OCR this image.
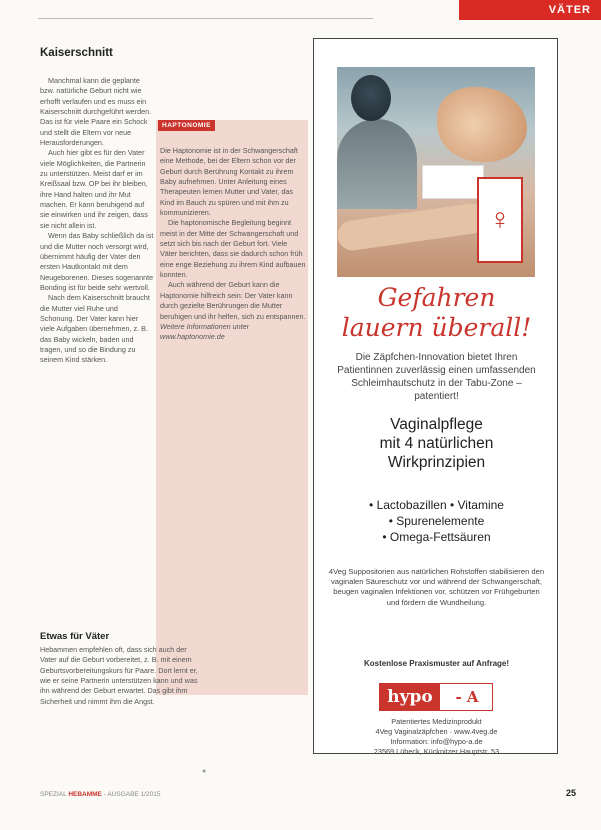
VÄTER
Kaiserschnitt

Manchmal kann die geplante bzw. natürliche Geburt nicht wie erhofft verlaufen und es muss ein Kaiserschnitt durchgeführt werden. Das ist für viele Paare ein Schock und stellt die Eltern vor neue Herausforderungen.

Auch hier gibt es für den Vater viele Möglichkeiten, die Partnerin zu unterstützen. Meist darf er im Kreißsaal bzw. OP bei ihr bleiben, ihre Hand halten und ihr Mut machen. Er kann beruhigend auf sie einwirken und ihr zeigen, dass sie nicht allein ist.

Wenn das Baby schließlich da ist und die Mutter noch versorgt wird, übernimmt häufig der Vater den ersten Hautkontakt mit dem Neugeborenen. Dieses sogenannte Bonding ist für beide sehr wertvoll.

Nach dem Kaiserschnitt braucht die Mutter viel Ruhe und Schonung. Der Vater kann hier viele Aufgaben übernehmen, z. B. das Baby wickeln, baden und tragen, und so die Bindung zu seinem Kind stärken.

HAPTONOMIE

Die Haptonomie ist in der Schwangerschaft eine Methode, bei der Eltern schon vor der Geburt durch Berührung Kontakt zu ihrem Baby aufnehmen. Unter Anleitung eines Therapeuten lernen Mutter und Vater, das Kind im Bauch zu spüren und mit ihm zu kommunizieren.

Die haptonomische Begleitung beginnt meist in der Mitte der Schwangerschaft und setzt sich bis nach der Geburt fort. Viele Väter berichten, dass sie dadurch schon früh eine enge Beziehung zu ihrem Kind aufbauen konnten.

Auch während der Geburt kann die Haptonomie hilfreich sein: Der Vater kann durch gezielte Berührungen die Mutter beruhigen und ihr helfen, sich zu entspannen.

Weitere Informationen unter www.haptonomie.de

Etwas für Väter

Hebammen empfehlen oft, dass sich auch der Vater auf die Geburt vorbereitet, z. B. mit einem Geburtsvorbereitungskurs für Paare. Dort lernt er, wie er seine Partnerin unterstützen kann und was ihn während der Geburt erwartet. Das gibt ihm Sicherheit und nimmt ihm die Angst.

●
SPEZIAL HEBAMME - AUSGABE 1/2015	25
♀
Gefahren
lauern überall!
Die Zäpfchen-Innovation bietet Ihren Patientinnen zuverlässig einen umfassenden Schleimhautschutz in der Tabu-Zone – patentiert!
Vaginalpflege
mit 4 natürlichen
Wirkprinzipien
• Lactobazillen • Vitamine
• Spurenelemente
• Omega-Fettsäuren
4Veg Suppositorien aus natürlichen Rohstoffen stabilisieren den vaginalen Säureschutz vor und während der Schwangerschaft, beugen vaginalen Infektionen vor, schützen vor Frühgeburten und fördern die Wundheilung.
Kostenlose Praxismuster auf Anfrage!
hypo	- A
Patentiertes Medizinprodukt
4Veg Vaginalzäpfchen · www.4veg.de
Information: info@hypo-a.de
23569 Lübeck, Kücknitzer Hauptstr. 53
